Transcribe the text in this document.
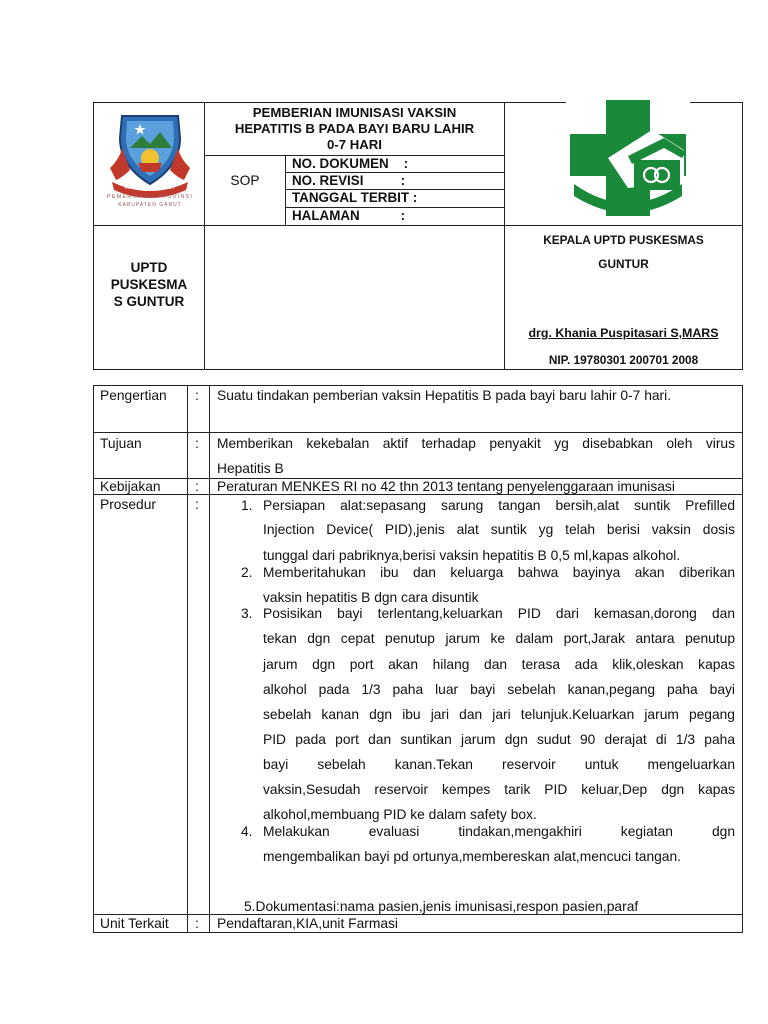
KABUPATEN GARUT
PEMERINTAH PROVINSI
KABUPATEN GARUT
PEMBERIAN IMUNISASI VAKSIN
HEPATITIS B PADA BAYI BARU LAHIR
0-7 HARI
SOP
NO. DOKUMEN    :
NO. REVISI          :
TANGGAL TERBIT :
HALAMAN           :
UPTD
PUSKESMA
S GUNTUR
KEPALA UPTD PUSKESMAS
GUNTUR
drg. Khania Puspitasari S,MARS
NIP. 19780301 200701 2008
Pengertian : Suatu tindakan pemberian vaksin Hepatitis B pada bayi baru lahir 0-7 hari.
Tujuan	: Memberikan kekebalan aktif terhadap penyakit yg disebabkan oleh virus
Hepatitis B
Kebijakan : Peraturan MENKES RI no 42 thn 2013 tentang penyelenggaraan imunisasi
Prosedur	:	1. Persiapan alat:sepasang sarung tangan bersih,alat suntik Prefilled
Injection Device( PID),jenis alat suntik yg telah berisi vaksin dosis
tunggal dari pabriknya,berisi vaksin hepatitis B 0,5 ml,kapas alkohol.
2. Memberitahukan ibu dan keluarga bahwa bayinya akan diberikan
vaksin hepatitis B dgn cara disuntik
3. Posisikan bayi terlentang,keluarkan PID dari kemasan,dorong dan
tekan dgn cepat penutup jarum ke dalam port,Jarak antara penutup
jarum dgn port akan hilang dan terasa ada klik,oleskan kapas
alkohol pada 1/3 paha luar bayi sebelah kanan,pegang paha bayi
sebelah kanan dgn ibu jari dan jari telunjuk.Keluarkan jarum pegang
PID pada port dan suntikan jarum dgn sudut 90 derajat di 1/3 paha
bayi sebelah kanan.Tekan reservoir untuk mengeluarkan
vaksin,Sesudah reservoir kempes tarik PID keluar,Dep dgn kapas
alkohol,membuang PID ke dalam safety box.
4. Melakukan evaluasi tindakan,mengakhiri kegiatan dgn
mengembalikan bayi pd ortunya,membereskan alat,mencuci tangan.
5.Dokumentasi:nama pasien,jenis imunisasi,respon pasien,paraf
Unit Terkait : Pendaftaran,KIA,unit Farmasi
